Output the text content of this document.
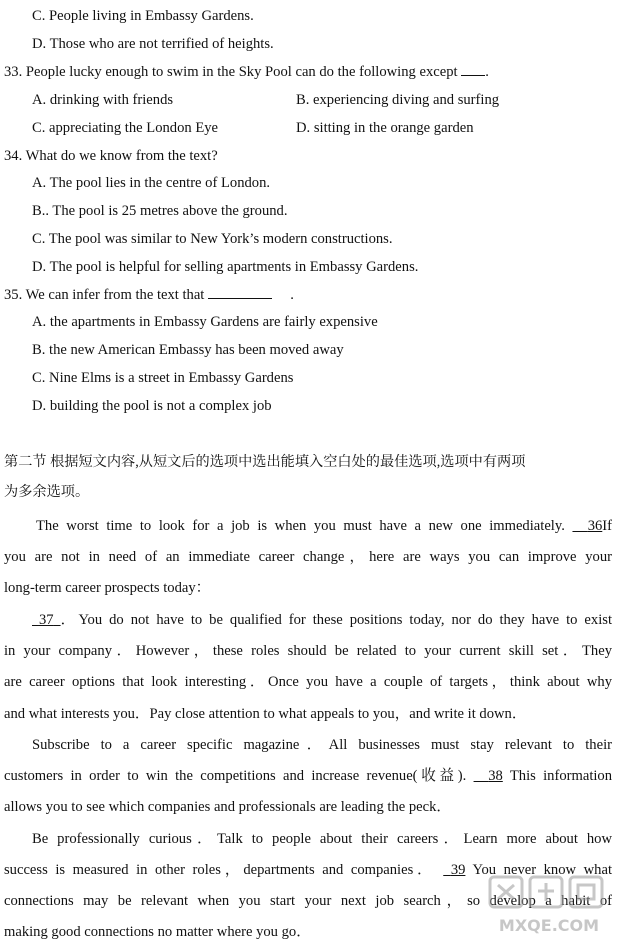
C. People living in Embassy Gardens.
D. Those who are not terrified of heights.
33. People lucky enough to swim in the Sky Pool can do the following except .
A. drinking with friends	B. experiencing diving and surfing
C. appreciating the London Eye	D. sitting in the orange garden
34. What do we know from the text?
A. The pool lies in the centre of London.
B.. The pool is 25 metres above the ground.
C. The pool was similar to New York’s modern constructions.
D. The pool is helpful for selling apartments in Embassy Gardens.
35. We can infer from the text that	.
A. the apartments in Embassy Gardens are fairly expensive
B. the new American Embassy has been moved away
C. Nine Elms is a street in Embassy Gardens
D. building the pool is not a complex job
第二节 根据短文内容,从短文后的选项中选出能填入空白处的最佳选项,选项中有两项
为多余选项。
The worst time to look for a job is when you must have a new one immediately. 36If
you are not in need of an immediate career change，here are ways you can improve your
long-term career prospects today：
37 ．You do not have to be qualified for these positions today, nor do they have to exist
in your company．However，these roles should be related to your current skill set．They
are career options that look interesting．Once you have a couple of targets，think about why
and what interests you．Pay close attention to what appeals to you，and write it down．
Subscribe to a career specific magazine．All businesses must stay relevant to their
customers in order to win the competitions and increase revenue(收益). 38 This information
allows you to see which companies and professionals are leading the peck．
Be professionally curious．Talk to people about their careers．Learn more about how
success is measured in other roles，departments and companies． 39 You never know what
connections may be relevant when you start your next job search，so develop a habit of
making good connections no matter where you go．	MXQE.COM
